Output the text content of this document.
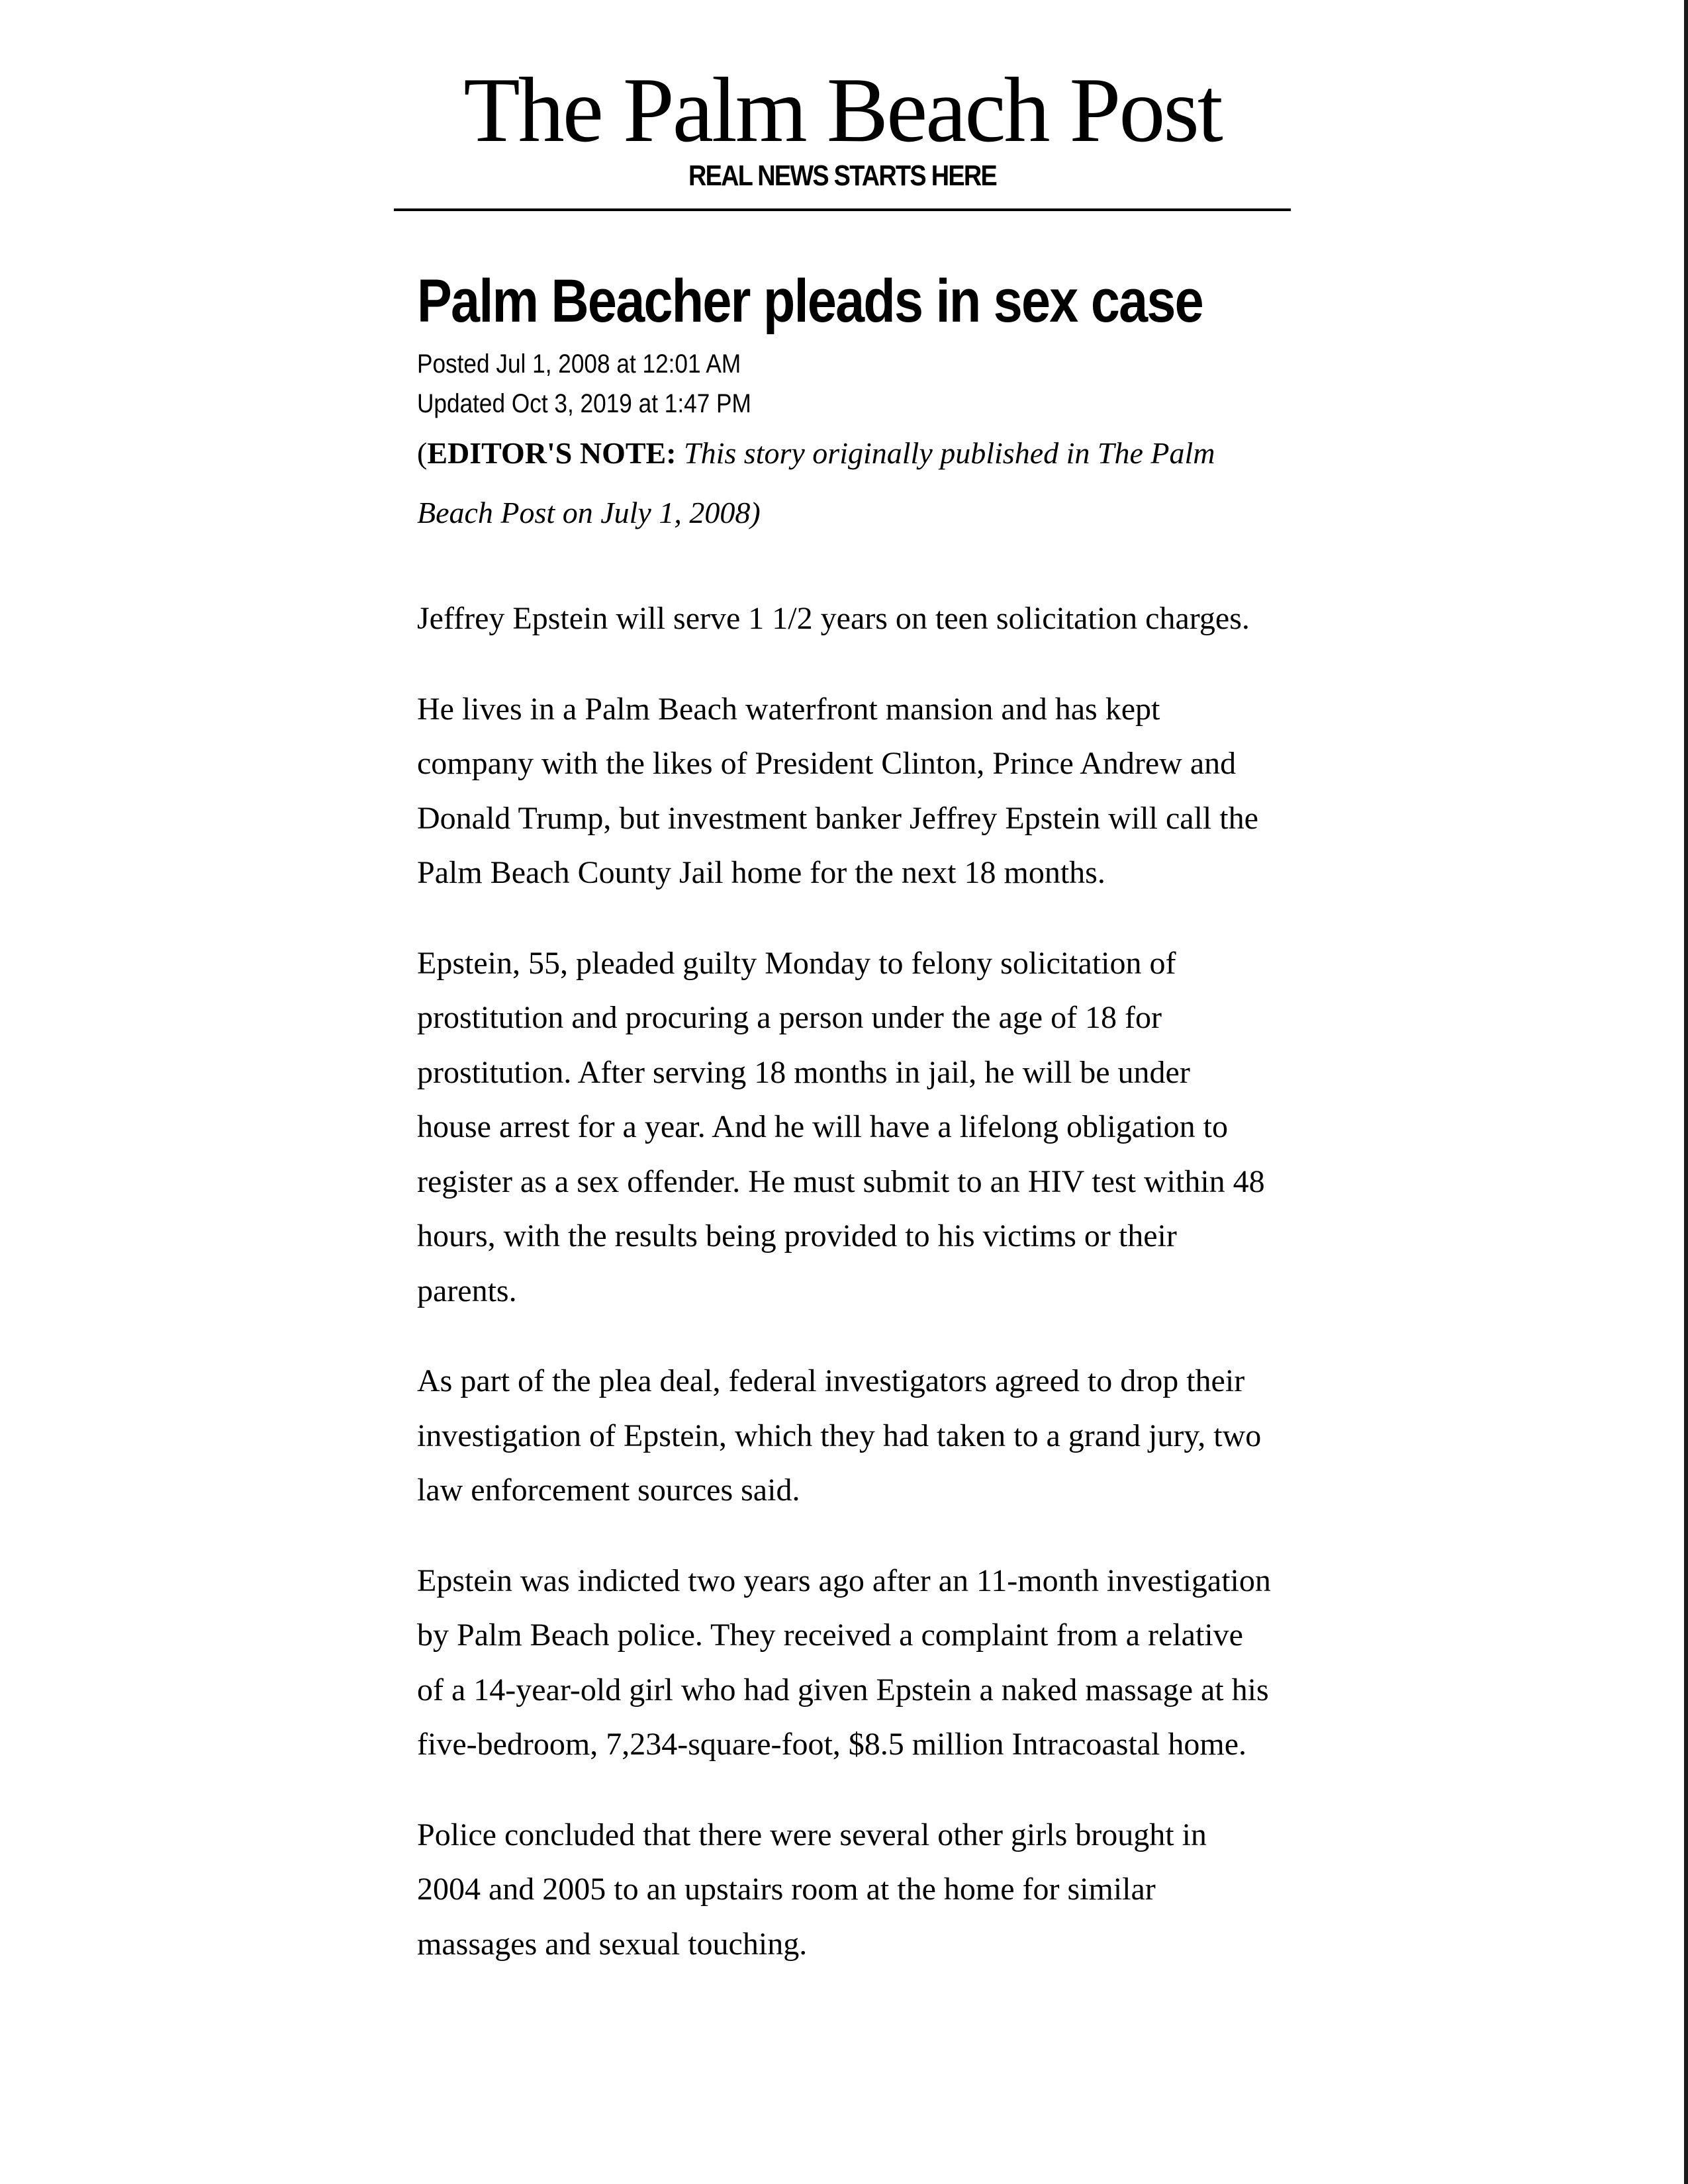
The Palm Beach Post
REAL NEWS STARTS HERE
Palm Beacher pleads in sex case
Posted Jul 1, 2008 at 12:01 AM
Updated Oct 3, 2019 at 1:47 PM
(EDITOR'S NOTE: This story originally published in The Palm Beach Post on July 1, 2008)

Jeffrey Epstein will serve 1 1/2 years on teen solicitation charges.

He lives in a Palm Beach waterfront mansion and has kept company with the likes of President Clinton, Prince Andrew and Donald Trump, but investment banker Jeffrey Epstein will call the Palm Beach County Jail home for the next 18 months.

Epstein, 55, pleaded guilty Monday to felony solicitation of prostitution and procuring a person under the age of 18 for prostitution. After serving 18 months in jail, he will be under house arrest for a year. And he will have a lifelong obligation to register as a sex offender. He must submit to an HIV test within 48 hours, with the results being provided to his victims or their parents.

As part of the plea deal, federal investigators agreed to drop their investigation of Epstein, which they had taken to a grand jury, two law enforcement sources said.

Epstein was indicted two years ago after an 11-month investigation by Palm Beach police. They received a complaint from a relative of a 14-year-old girl who had given Epstein a naked massage at his five-bedroom, 7,234-square-foot, $8.5 million Intracoastal home.

Police concluded that there were several other girls brought in 2004 and 2005 to an upstairs room at the home for similar massages and sexual touching.
